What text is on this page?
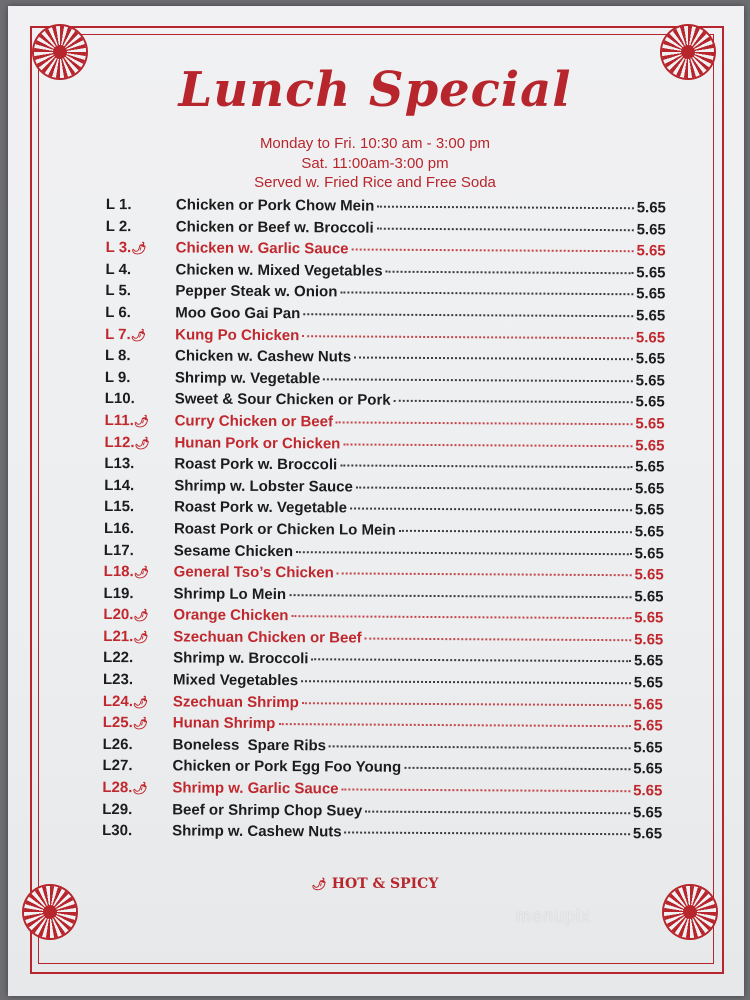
Lunch Special
Monday to Fri. 10:30 am - 3:00 pm
Sat. 11:00am-3:00 pm
Served w. Fried Rice and Free Soda
L 1.	Chicken or Pork Chow Mein	5.65
L 2.	Chicken or Beef w. Broccoli	5.65
L 3.🌶︎	Chicken w. Garlic Sauce	5.65
L 4.	Chicken w. Mixed Vegetables	5.65
L 5.	Pepper Steak w. Onion	5.65
L 6.	Moo Goo Gai Pan	5.65
L 7.🌶︎	Kung Po Chicken	5.65
L 8.	Chicken w. Cashew Nuts	5.65
L 9.	Shrimp w. Vegetable	5.65
L10.	Sweet & Sour Chicken or Pork	5.65
L11.🌶︎	Curry Chicken or Beef	5.65
L12.🌶︎	Hunan Pork or Chicken	5.65
L13.	Roast Pork w. Broccoli	5.65
L14.	Shrimp w. Lobster Sauce	5.65
L15.	Roast Pork w. Vegetable	5.65
L16.	Roast Pork or Chicken Lo Mein	5.65
L17.	Sesame Chicken	5.65
L18.🌶︎	General Tso’s Chicken	5.65
L19.	Shrimp Lo Mein	5.65
L20.🌶︎	Orange Chicken	5.65
L21.🌶︎	Szechuan Chicken or Beef	5.65
L22.	Shrimp w. Broccoli	5.65
L23.	Mixed Vegetables	5.65
L24.🌶︎	Szechuan Shrimp	5.65
L25.🌶︎	Hunan Shrimp	5.65
L26.	Boneless  Spare Ribs	5.65
L27.	Chicken or Pork Egg Foo Young	5.65
L28.🌶︎	Shrimp w. Garlic Sauce	5.65
L29.	Beef or Shrimp Chop Suey	5.65
L30.	Shrimp w. Cashew Nuts	5.65
🌶︎ HOT & SPICY
menupix
